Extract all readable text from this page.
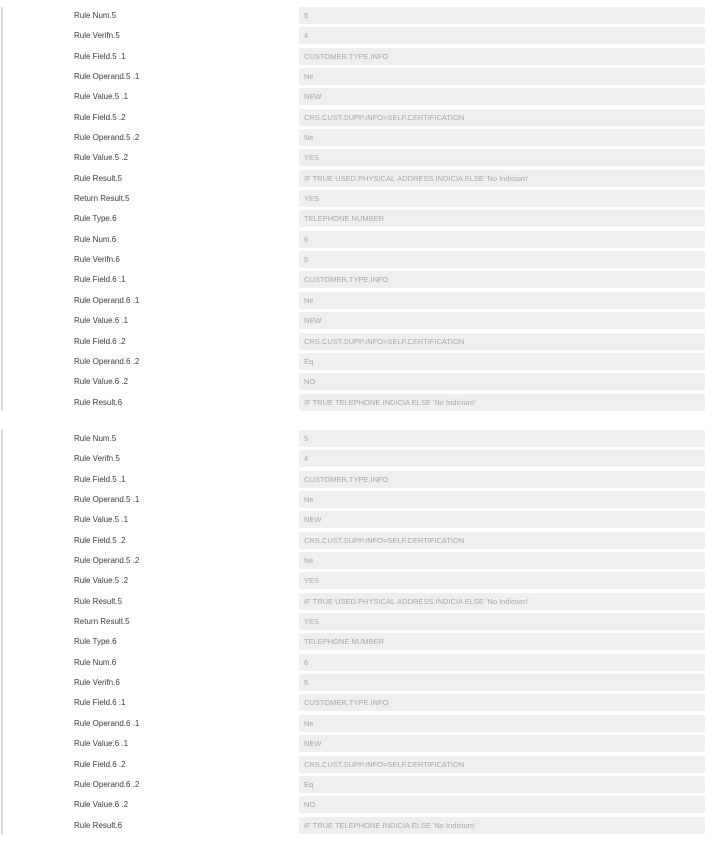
Rule Num.5	5
Rule Verifn.5	4
Rule Field.5 .1	CUSTOMER.TYPE.INFO
Rule Operand.5 .1	Ne
Rule Value.5 .1	NEW
Rule Field.5 .2	CRS.CUST.SUPP.INFO>SELF.CERTIFICATION
Rule Operand.5 .2	Ne
Rule Value.5 .2	YES
Rule Result.5	IF TRUE USED.PHYSICAL.ADDRESS.INDICIA ELSE 'No Indicium'
Return Result.5	YES
Rule Type.6	TELEPHONE.NUMBER
Rule Num.6	6
Rule Verifn.6	5
Rule Field.6 .1	CUSTOMER.TYPE.INFO
Rule Operand.6 .1	Ne
Rule Value.6 .1	NEW
Rule Field.6 .2	CRS.CUST.SUPP.INFO>SELF.CERTIFICATION
Rule Operand.6 .2	Eq
Rule Value.6 .2	NO
Rule Result.6	IF TRUE TELEPHONE.INDICIA ELSE 'No Indicium'
Rule Num.5	5
Rule Verifn.5	4
Rule Field.5 .1	CUSTOMER.TYPE.INFO
Rule Operand.5 .1	Ne
Rule Value.5 .1	NEW
Rule Field.5 .2	CRS.CUST.SUPP.INFO>SELF.CERTIFICATION
Rule Operand.5 .2	Ne
Rule Value.5 .2	YES
Rule Result.5	IF TRUE USED.PHYSICAL.ADDRESS.INDICIA ELSE 'No Indicium'
Return Result.5	YES
Rule Type.6	TELEPHONE.NUMBER
Rule Num.6	6
Rule Verifn.6	5
Rule Field.6 .1	CUSTOMER.TYPE.INFO
Rule Operand.6 .1	Ne
Rule Value.6 .1	NEW
Rule Field.6 .2	CRS.CUST.SUPP.INFO>SELF.CERTIFICATION
Rule Operand.6 .2	Eq
Rule Value.6 .2	NO
Rule Result.6	IF TRUE TELEPHONE.INDICIA ELSE 'No Indicium'
